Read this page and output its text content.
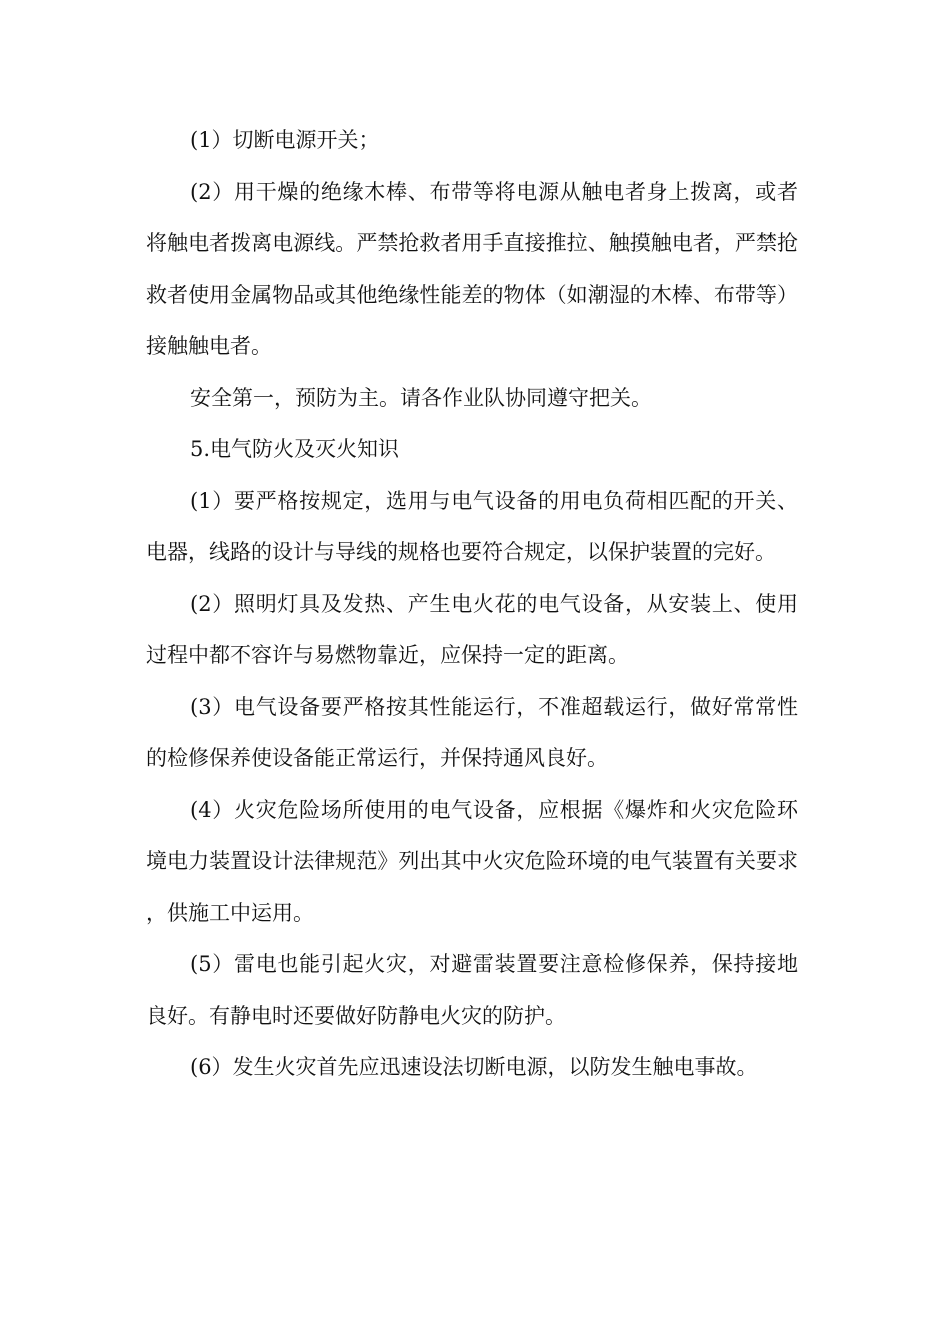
(1）切断电源开关；

(2）用干燥的绝缘木棒、布带等将电源从触电者身上拨离，或者将触电者拨离电源线。严禁抢救者用手直接推拉、触摸触电者，严禁抢救者使用金属物品或其他绝缘性能差的物体（如潮湿的木棒、布带等）接触触电者。

安全第一，预防为主。请各作业队协同遵守把关。

5.电气防火及灭火知识

(1）要严格按规定，选用与电气设备的用电负荷相匹配的开关、电器，线路的设计与导线的规格也要符合规定，以保护装置的完好。

(2）照明灯具及发热、产生电火花的电气设备，从安装上、使用过程中都不容许与易燃物靠近，应保持一定的距离。

(3）电气设备要严格按其性能运行，不准超载运行，做好常常性的检修保养使设备能正常运行，并保持通风良好。

(4）火灾危险场所使用的电气设备，应根据《爆炸和火灾危险环境电力装置设计法律规范》列出其中火灾危险环境的电气装置有关要求，供施工中运用。

(5）雷电也能引起火灾，对避雷装置要注意检修保养，保持接地良好。有静电时还要做好防静电火灾的防护。

(6）发生火灾首先应迅速设法切断电源，以防发生触电事故。
